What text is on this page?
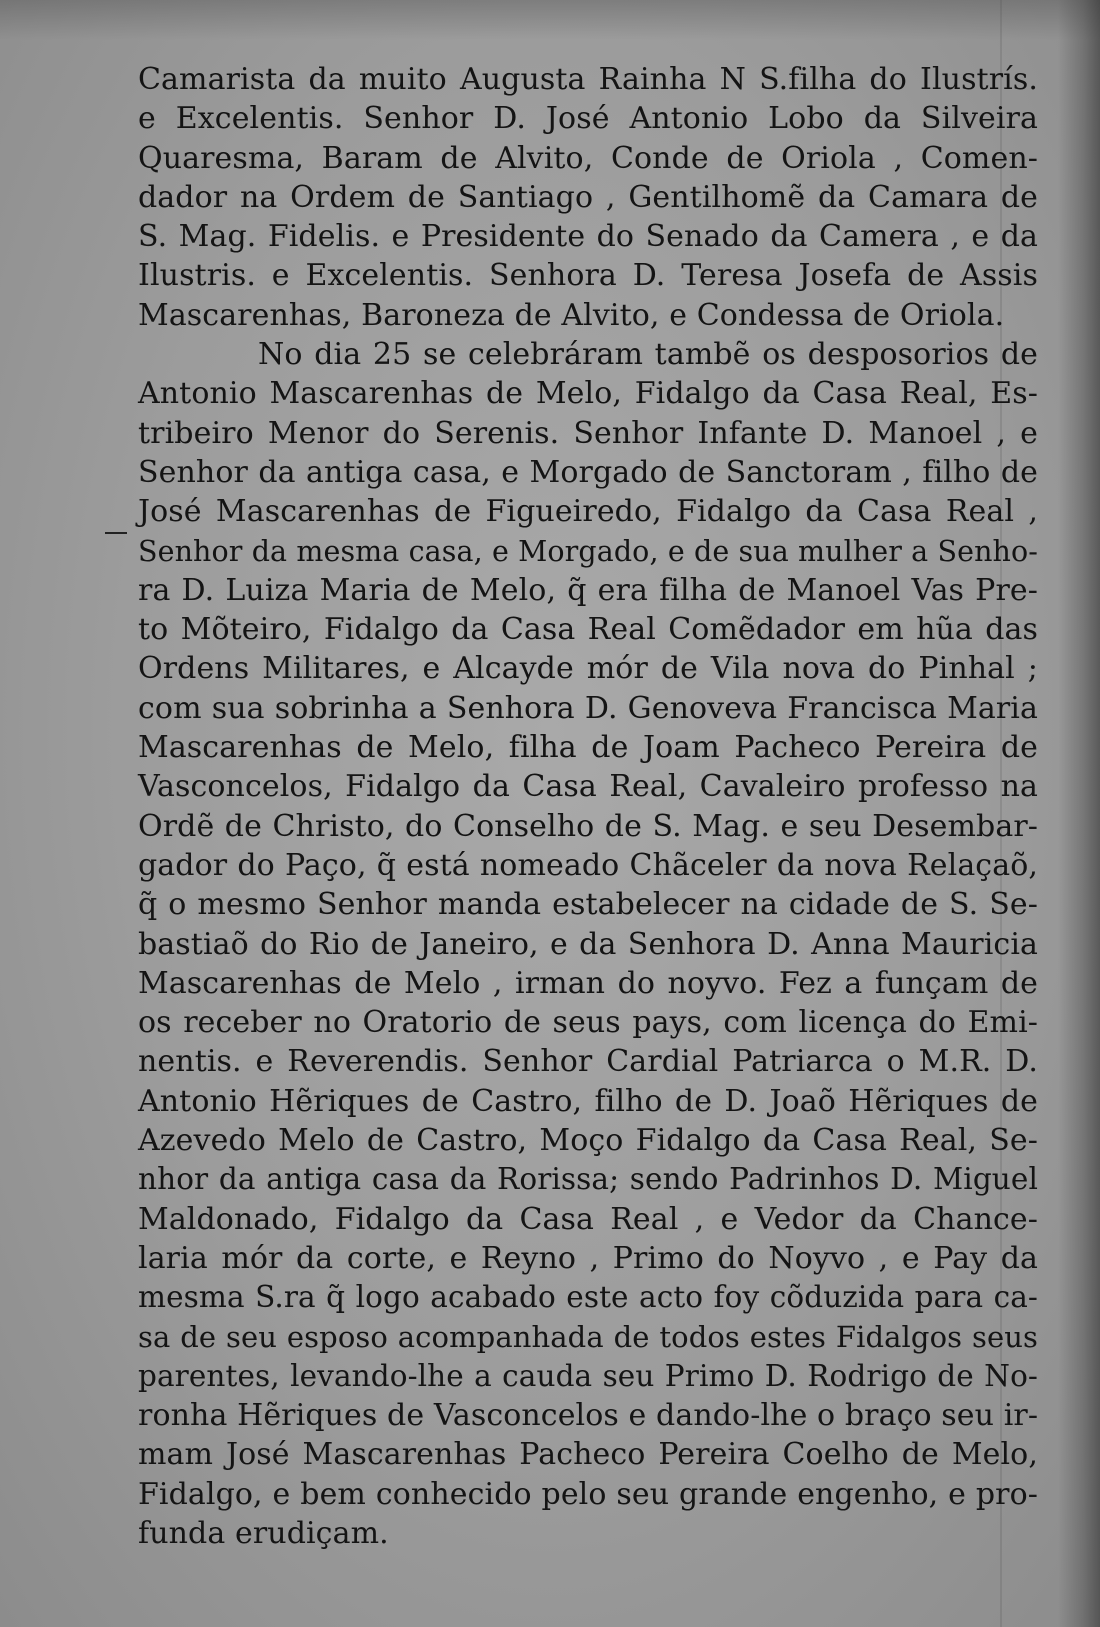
Camarista da muito Augusta Rainha N S.filha do Ilustrís.
e Excelentis. Senhor D. José Antonio Lobo da Silveira
Quaresma, Baram de Alvito, Conde de Oriola , Comen-
dador na Ordem de Santiago , Gentilhomẽ da Camara de
S. Mag. Fidelis. e Presidente do Senado da Camera , e da
Ilustris. e Excelentis. Senhora D. Teresa Josefa de Assis
Mascarenhas, Baroneza de Alvito, e Condessa de Oriola.
No dia 25 se celebráram tambẽ os desposorios de
Antonio Mascarenhas de Melo, Fidalgo da Casa Real, Es-
tribeiro Menor do Serenis. Senhor Infante D. Manoel , e
Senhor da antiga casa, e Morgado de Sanctoram , filho de
José Mascarenhas de Figueiredo, Fidalgo da Casa Real ,
Senhor da mesma casa, e Morgado, e de sua mulher a Senho-
ra D. Luiza Maria de Melo, q̃ era filha de Manoel Vas Pre-
to Mõteiro, Fidalgo da Casa Real Comẽdador em hũa das
Ordens Militares, e Alcayde mór de Vila nova do Pinhal ;
com sua sobrinha a Senhora D. Genoveva Francisca Maria
Mascarenhas de Melo, filha de Joam Pacheco Pereira de
Vasconcelos, Fidalgo da Casa Real, Cavaleiro professo na
Ordẽ de Christo, do Conselho de S. Mag. e seu Desembar-
gador do Paço, q̃ está nomeado Chãceler da nova Relaçaõ,
q̃ o mesmo Senhor manda estabelecer na cidade de S. Se-
bastiaõ do Rio de Janeiro, e da Senhora D. Anna Mauricia
Mascarenhas de Melo , irman do noyvo. Fez a funçam de
os receber no Oratorio de seus pays, com licença do Emi-
nentis. e Reverendis. Senhor Cardial Patriarca o M.R. D.
Antonio Hẽriques de Castro, filho de D. Joaõ Hẽriques de
Azevedo Melo de Castro, Moço Fidalgo da Casa Real, Se-
nhor da antiga casa da Rorissa; sendo Padrinhos D. Miguel
Maldonado, Fidalgo da Casa Real , e Vedor da Chance-
laria mór da corte, e Reyno , Primo do Noyvo , e Pay da
mesma S.ra q̃ logo acabado este acto foy cõduzida para ca-
sa de seu esposo acompanhada de todos estes Fidalgos seus
parentes, levando-lhe a cauda seu Primo D. Rodrigo de No-
ronha Hẽriques de Vasconcelos e dando-lhe o braço seu ir-
mam José Mascarenhas Pacheco Pereira Coelho de Melo,
Fidalgo, e bem conhecido pelo seu grande engenho, e pro-
funda erudiçam.
